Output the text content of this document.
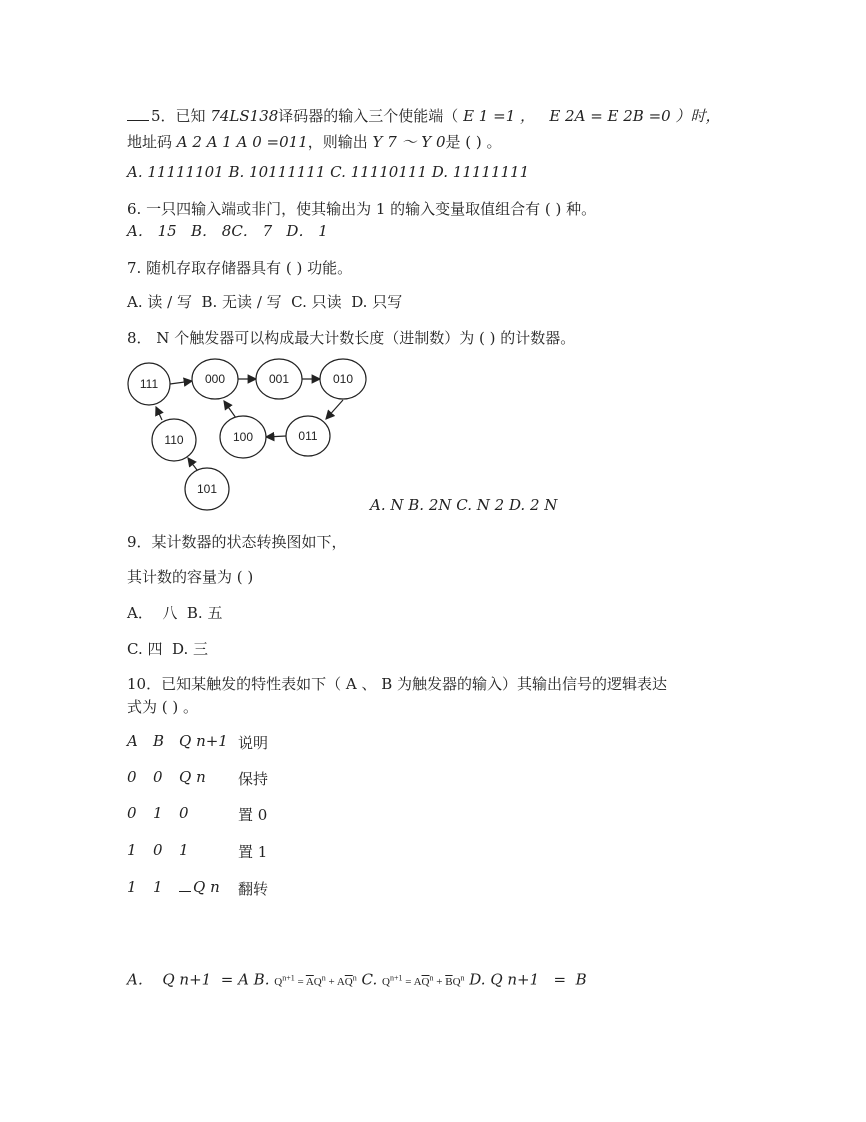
5．已知 74LS138译码器的输入三个使能端（ E 1 =1 ， E 2A = E 2B =0 ）时，
地址码 A 2 A 1 A 0 =011，则输出 Y 7 ～ Y 0是 ( ) 。
A. 11111101 B. 10111111 C. 11110111 D. 11111111
6. 一只四输入端或非门，使其输出为 1 的输入变量取值组合有 ( ) 种。
A． 15   B． 8C． 7   D． 1
7. 随机存取存储器具有 ( ) 功能。
A. 读 / 写  B. 无读 / 写  C. 只读  D. 只写
8． N 个触发器可以构成最大计数长度（进制数）为 ( ) 的计数器。
111	000	001	010
011
100
110
101
A. N B. 2N C. N 2 D. 2 N
9．某计数器的状态转换图如下，
其计数的容量为 ( )
A．  八  B. 五
C. 四  D. 三
10．已知某触发的特性表如下（ A 、 B 为触发器的输入）其输出信号的逻辑表达
式为 ( ) 。
A B Q n+1 说明
0 0 Q n 保持
0 1 0	置 0
1 0 1	置 1
1 1	Q n 翻转
A．  Q n+1  = A B. $Q^{n+1} = \overline{A}Q^n + A\overline{Q}^n$ C. $Q^{n+1} = A\overline{Q}^n + \overline{B}Q^n$ D. Q n+1   =  B
